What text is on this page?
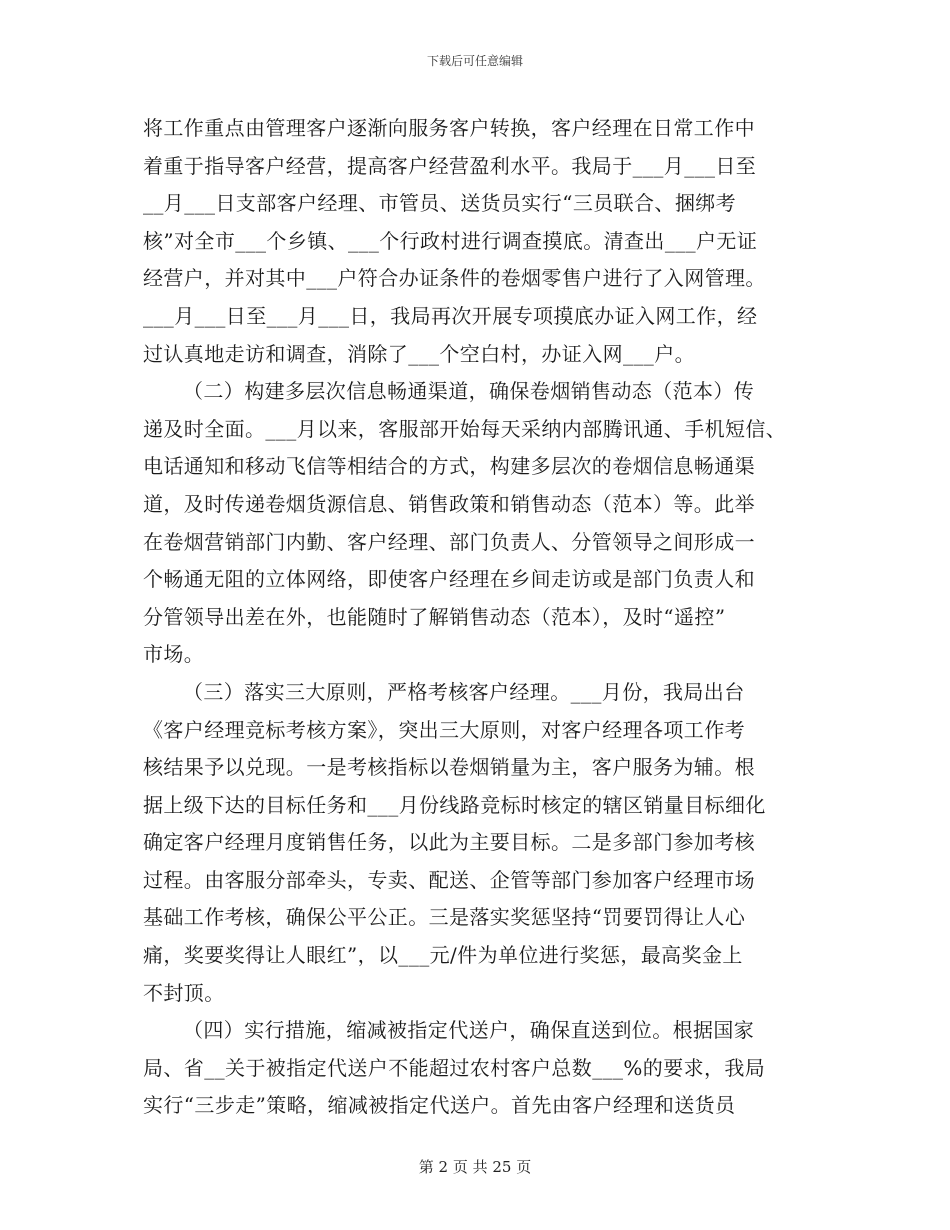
下载后可任意编辑
将工作重点由管理客户逐渐向服务客户转换，客户经理在日常工作中
着重于指导客户经营，提高客户经营盈利水平。我局于___月___日至
__月___日支部客户经理、市管员、送货员实行“三员联合、捆绑考
核”对全市___个乡镇、___个行政村进行调查摸底。清查出___户无证
经营户，并对其中___户符合办证条件的卷烟零售户进行了入网管理。
___月___日至___月___日，我局再次开展专项摸底办证入网工作，经
过认真地走访和调查，消除了___个空白村，办证入网___户。
（二）构建多层次信息畅通渠道，确保卷烟销售动态（范本）传
递及时全面。___月以来，客服部开始每天采纳内部腾讯通、手机短信、
电话通知和移动飞信等相结合的方式，构建多层次的卷烟信息畅通渠
道，及时传递卷烟货源信息、销售政策和销售动态（范本）等。此举
在卷烟营销部门内勤、客户经理、部门负责人、分管领导之间形成一
个畅通无阻的立体网络，即使客户经理在乡间走访或是部门负责人和
分管领导出差在外，也能随时了解销售动态（范本），及时“遥控”
市场。
（三）落实三大原则，严格考核客户经理。___月份，我局出台
《客户经理竞标考核方案》，突出三大原则，对客户经理各项工作考
核结果予以兑现。一是考核指标以卷烟销量为主，客户服务为辅。根
据上级下达的目标任务和___月份线路竞标时核定的辖区销量目标细化
确定客户经理月度销售任务，以此为主要目标。二是多部门参加考核
过程。由客服分部牵头，专卖、配送、企管等部门参加客户经理市场
基础工作考核，确保公平公正。三是落实奖惩坚持“罚要罚得让人心
痛，奖要奖得让人眼红”，以___元/件为单位进行奖惩，最高奖金上
不封顶。
（四）实行措施，缩减被指定代送户，确保直送到位。根据国家
局、省__关于被指定代送户不能超过农村客户总数___%的要求，我局
实行“三步走”策略，缩减被指定代送户。首先由客户经理和送货员
第 2 页 共 25 页
